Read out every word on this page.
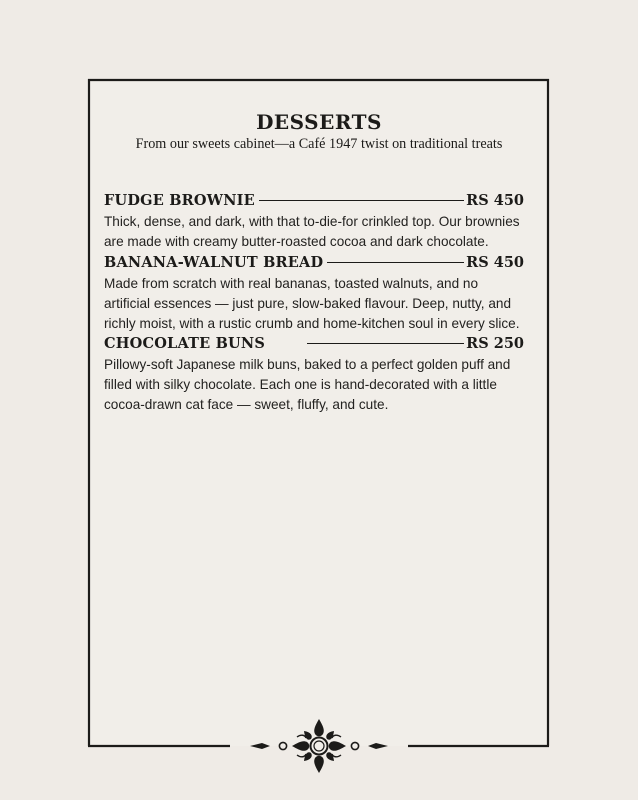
DESSERTS
From our sweets cabinet—a Café 1947 twist on traditional treats
FUDGE BROWNIE	RS 450
Thick, dense, and dark, with that to-die-for crinkled top. Our brownies are made with creamy butter-roasted cocoa and dark chocolate.
BANANA-WALNUT BREAD	RS 450
Made from scratch with real bananas, toasted walnuts, and no artificial essences — just pure, slow-baked flavour. Deep, nutty, and richly moist, with a rustic crumb and home-kitchen soul in every slice.
CHOCOLATE BUNS	RS 250
Pillowy-soft Japanese milk buns, baked to a perfect golden puff and filled with silky chocolate. Each one is hand-decorated with a little cocoa-drawn cat face — sweet, fluffy, and cute.
